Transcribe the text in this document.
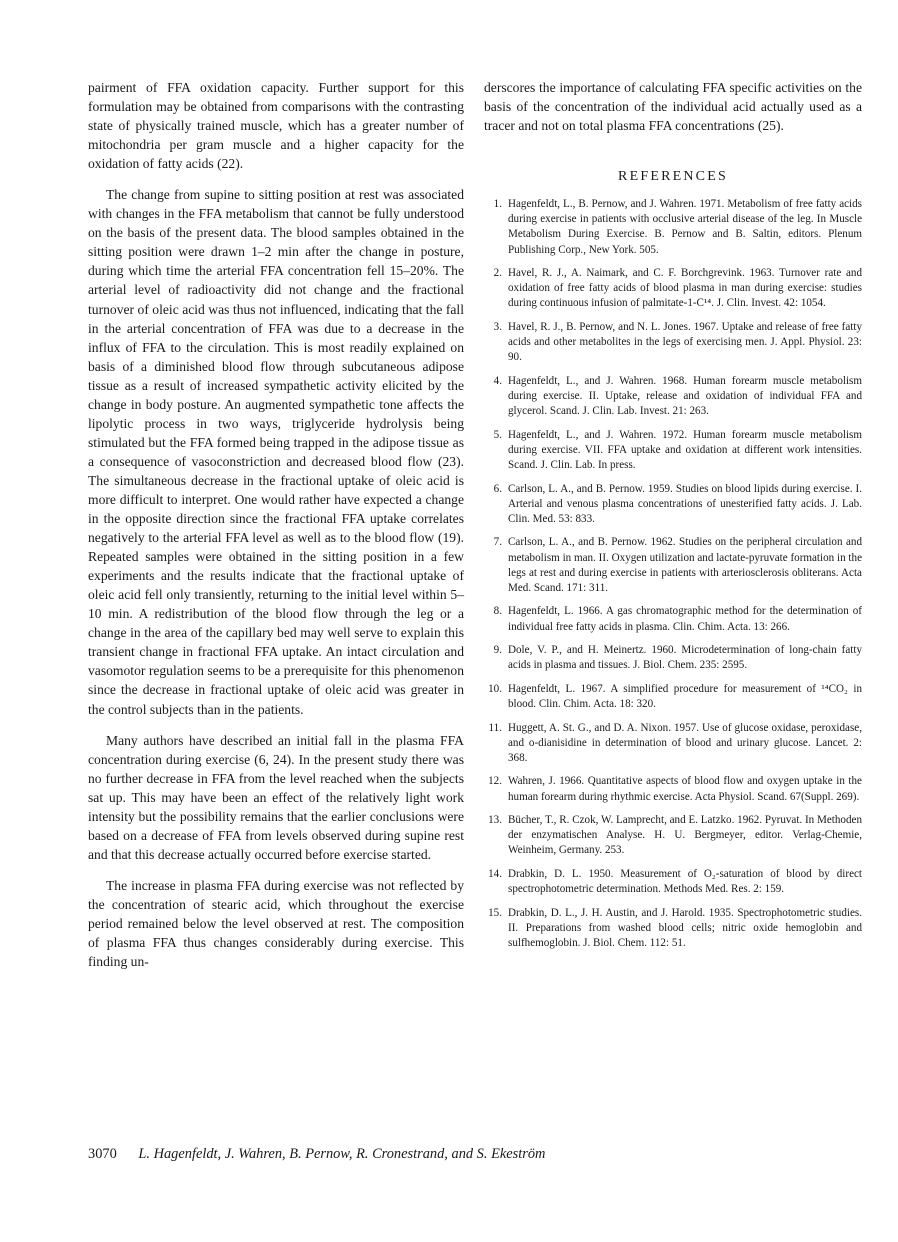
pairment of FFA oxidation capacity. Further support for this formulation may be obtained from comparisons with the contrasting state of physically trained muscle, which has a greater number of mitochondria per gram muscle and a higher capacity for the oxidation of fatty acids (22).

The change from supine to sitting position at rest was associated with changes in the FFA metabolism that cannot be fully understood on the basis of the present data. The blood samples obtained in the sitting position were drawn 1–2 min after the change in posture, during which time the arterial FFA concentration fell 15–20%. The arterial level of radioactivity did not change and the fractional turnover of oleic acid was thus not influenced, indicating that the fall in the arterial concentration of FFA was due to a decrease in the influx of FFA to the circulation. This is most readily explained on basis of a diminished blood flow through subcutaneous adipose tissue as a result of increased sympathetic activity elicited by the change in body posture. An augmented sympathetic tone affects the lipolytic process in two ways, triglyceride hydrolysis being stimulated but the FFA formed being trapped in the adipose tissue as a consequence of vasoconstriction and decreased blood flow (23). The simultaneous decrease in the fractional uptake of oleic acid is more difficult to interpret. One would rather have expected a change in the opposite direction since the fractional FFA uptake correlates negatively to the arterial FFA level as well as to the blood flow (19). Repeated samples were obtained in the sitting position in a few experiments and the results indicate that the fractional uptake of oleic acid fell only transiently, returning to the initial level within 5–10 min. A redistribution of the blood flow through the leg or a change in the area of the capillary bed may well serve to explain this transient change in fractional FFA uptake. An intact circulation and vasomotor regulation seems to be a prerequisite for this phenomenon since the decrease in fractional uptake of oleic acid was greater in the control subjects than in the patients.

Many authors have described an initial fall in the plasma FFA concentration during exercise (6, 24). In the present study there was no further decrease in FFA from the level reached when the subjects sat up. This may have been an effect of the relatively light work intensity but the possibility remains that the earlier conclusions were based on a decrease of FFA from levels observed during supine rest and that this decrease actually occurred before exercise started.

The increase in plasma FFA during exercise was not reflected by the concentration of stearic acid, which throughout the exercise period remained below the level observed at rest. The composition of plasma FFA thus changes considerably during exercise. This finding un-

derscores the importance of calculating FFA specific activities on the basis of the concentration of the individual acid actually used as a tracer and not on total plasma FFA concentrations (25).

REFERENCES
1. Hagenfeldt, L., B. Pernow, and J. Wahren. 1971. Metabolism of free fatty acids during exercise in patients with occlusive arterial disease of the leg. In Muscle Metabolism During Exercise. B. Pernow and B. Saltin, editors. Plenum Publishing Corp., New York. 505.
2. Havel, R. J., A. Naimark, and C. F. Borchgrevink. 1963. Turnover rate and oxidation of free fatty acids of blood plasma in man during exercise: studies during continuous infusion of palmitate-1-C¹⁴. J. Clin. Invest. 42: 1054.
3. Havel, R. J., B. Pernow, and N. L. Jones. 1967. Uptake and release of free fatty acids and other metabolites in the legs of exercising men. J. Appl. Physiol. 23: 90.
4. Hagenfeldt, L., and J. Wahren. 1968. Human forearm muscle metabolism during exercise. II. Uptake, release and oxidation of individual FFA and glycerol. Scand. J. Clin. Lab. Invest. 21: 263.
5. Hagenfeldt, L., and J. Wahren. 1972. Human forearm muscle metabolism during exercise. VII. FFA uptake and oxidation at different work intensities. Scand. J. Clin. Lab. In press.
6. Carlson, L. A., and B. Pernow. 1959. Studies on blood lipids during exercise. I. Arterial and venous plasma concentrations of unesterified fatty acids. J. Lab. Clin. Med. 53: 833.
7. Carlson, L. A., and B. Pernow. 1962. Studies on the peripheral circulation and metabolism in man. II. Oxygen utilization and lactate-pyruvate formation in the legs at rest and during exercise in patients with arteriosclerosis obliterans. Acta Med. Scand. 171: 311.
8. Hagenfeldt, L. 1966. A gas chromatographic method for the determination of individual free fatty acids in plasma. Clin. Chim. Acta. 13: 266.
9. Dole, V. P., and H. Meinertz. 1960. Microdetermination of long-chain fatty acids in plasma and tissues. J. Biol. Chem. 235: 2595.
10. Hagenfeldt, L. 1967. A simplified procedure for measurement of ¹⁴CO₂ in blood. Clin. Chim. Acta. 18: 320.
11. Huggett, A. St. G., and D. A. Nixon. 1957. Use of glucose oxidase, peroxidase, and o-dianisidine in determination of blood and urinary glucose. Lancet. 2: 368.
12. Wahren, J. 1966. Quantitative aspects of blood flow and oxygen uptake in the human forearm during rhythmic exercise. Acta Physiol. Scand. 67(Suppl. 269).
13. Bücher, T., R. Czok, W. Lamprecht, and E. Latzko. 1962. Pyruvat. In Methoden der enzymatischen Analyse. H. U. Bergmeyer, editor. Verlag-Chemie, Weinheim, Germany. 253.
14. Drabkin, D. L. 1950. Measurement of O₂-saturation of blood by direct spectrophotometric determination. Methods Med. Res. 2: 159.
15. Drabkin, D. L., J. H. Austin, and J. Harold. 1935. Spectrophotometric studies. II. Preparations from washed blood cells; nitric oxide hemoglobin and sulfhemoglobin. J. Biol. Chem. 112: 51.
3070 L. Hagenfeldt, J. Wahren, B. Pernow, R. Cronestrand, and S. Ekeström
